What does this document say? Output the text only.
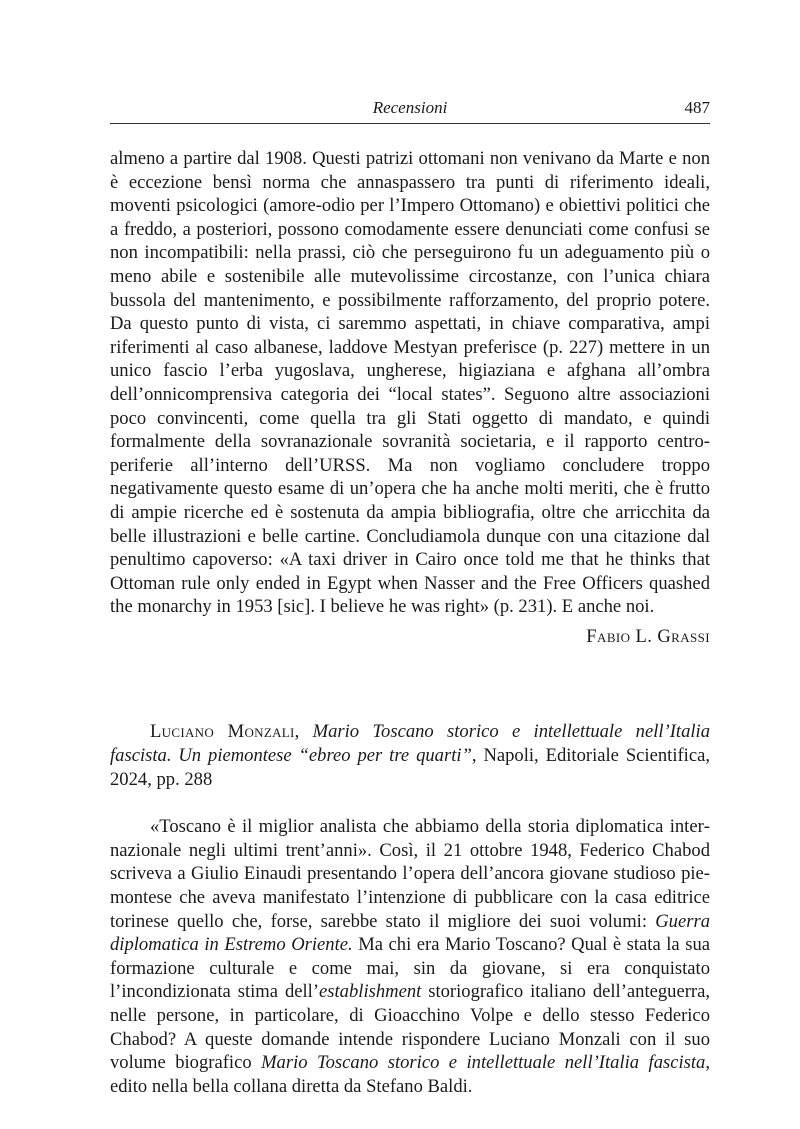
Recensioni	487

almeno a partire dal 1908. Questi patrizi ottomani non venivano da Marte e non è eccezione bensì norma che annaspassero tra punti di riferimento ideali, moventi psicologici (amore-odio per l’Impero Ottomano) e obiettivi politici che a freddo, a posteriori, possono comodamente essere denunciati come confusi se non incompatibili: nella prassi, ciò che perseguirono fu un adeguamento più o meno abile e sostenibile alle mutevolissime circostanze, con l’unica chiara bussola del mantenimento, e possibilmente rafforzamento, del proprio potere. Da questo punto di vista, ci saremmo aspettati, in chiave comparativa, ampi riferimenti al caso albanese, laddove Mestyan preferisce (p. 227) mettere in un unico fascio l’erba yugoslava, ungherese, higiaziana e afghana all’ombra dell’onnicomprensiva categoria dei “local states”. Seguono altre associazioni poco convincenti, come quella tra gli Stati oggetto di mandato, e quindi formalmente della sovranazionale sovranità societaria, e il rapporto centro-periferie all’interno dell’URSS. Ma non vogliamo concludere troppo negativamente questo esame di un’opera che ha anche molti meriti, che è frutto di ampie ricerche ed è sostenuta da ampia bibliografia, oltre che arricchita da belle illustrazioni e belle cartine. Concludiamola dunque con una citazione dal penultimo capoverso: «A taxi driver in Cairo once told me that he thinks that Ottoman rule only ended in Egypt when Nasser and the Free Officers quashed the monarchy in 1953 [sic]. I believe he was right» (p. 231). E anche noi.

Fabio L. Grassi

Luciano Monzali, Mario Toscano storico e intellettuale nell’Italia fascista. Un piemontese “ebreo per tre quarti”, Napoli, Editoriale Scientifica, 2024, pp. 288

«Toscano è il miglior analista che abbiamo della storia diplomatica internazionale negli ultimi trent’anni». Così, il 21 ottobre 1948, Federico Chabod scriveva a Giulio Einaudi presentando l’opera dell’ancora giovane studioso piemontese che aveva manifestato l’intenzione di pubblicare con la casa editrice torinese quello che, forse, sarebbe stato il migliore dei suoi volumi: Guerra diplomatica in Estremo Oriente. Ma chi era Mario Toscano? Qual è stata la sua formazione culturale e come mai, sin da giovane, si era conquistato l’incondizionata stima dell’establishment storiografico italiano dell’anteguerra, nelle persone, in particolare, di Gioacchino Volpe e dello stesso Federico Chabod? A queste domande intende rispondere Luciano Monzali con il suo volume biografico Mario Toscano storico e intellettuale nell’Italia fascista, edito nella bella collana diretta da Stefano Baldi.
